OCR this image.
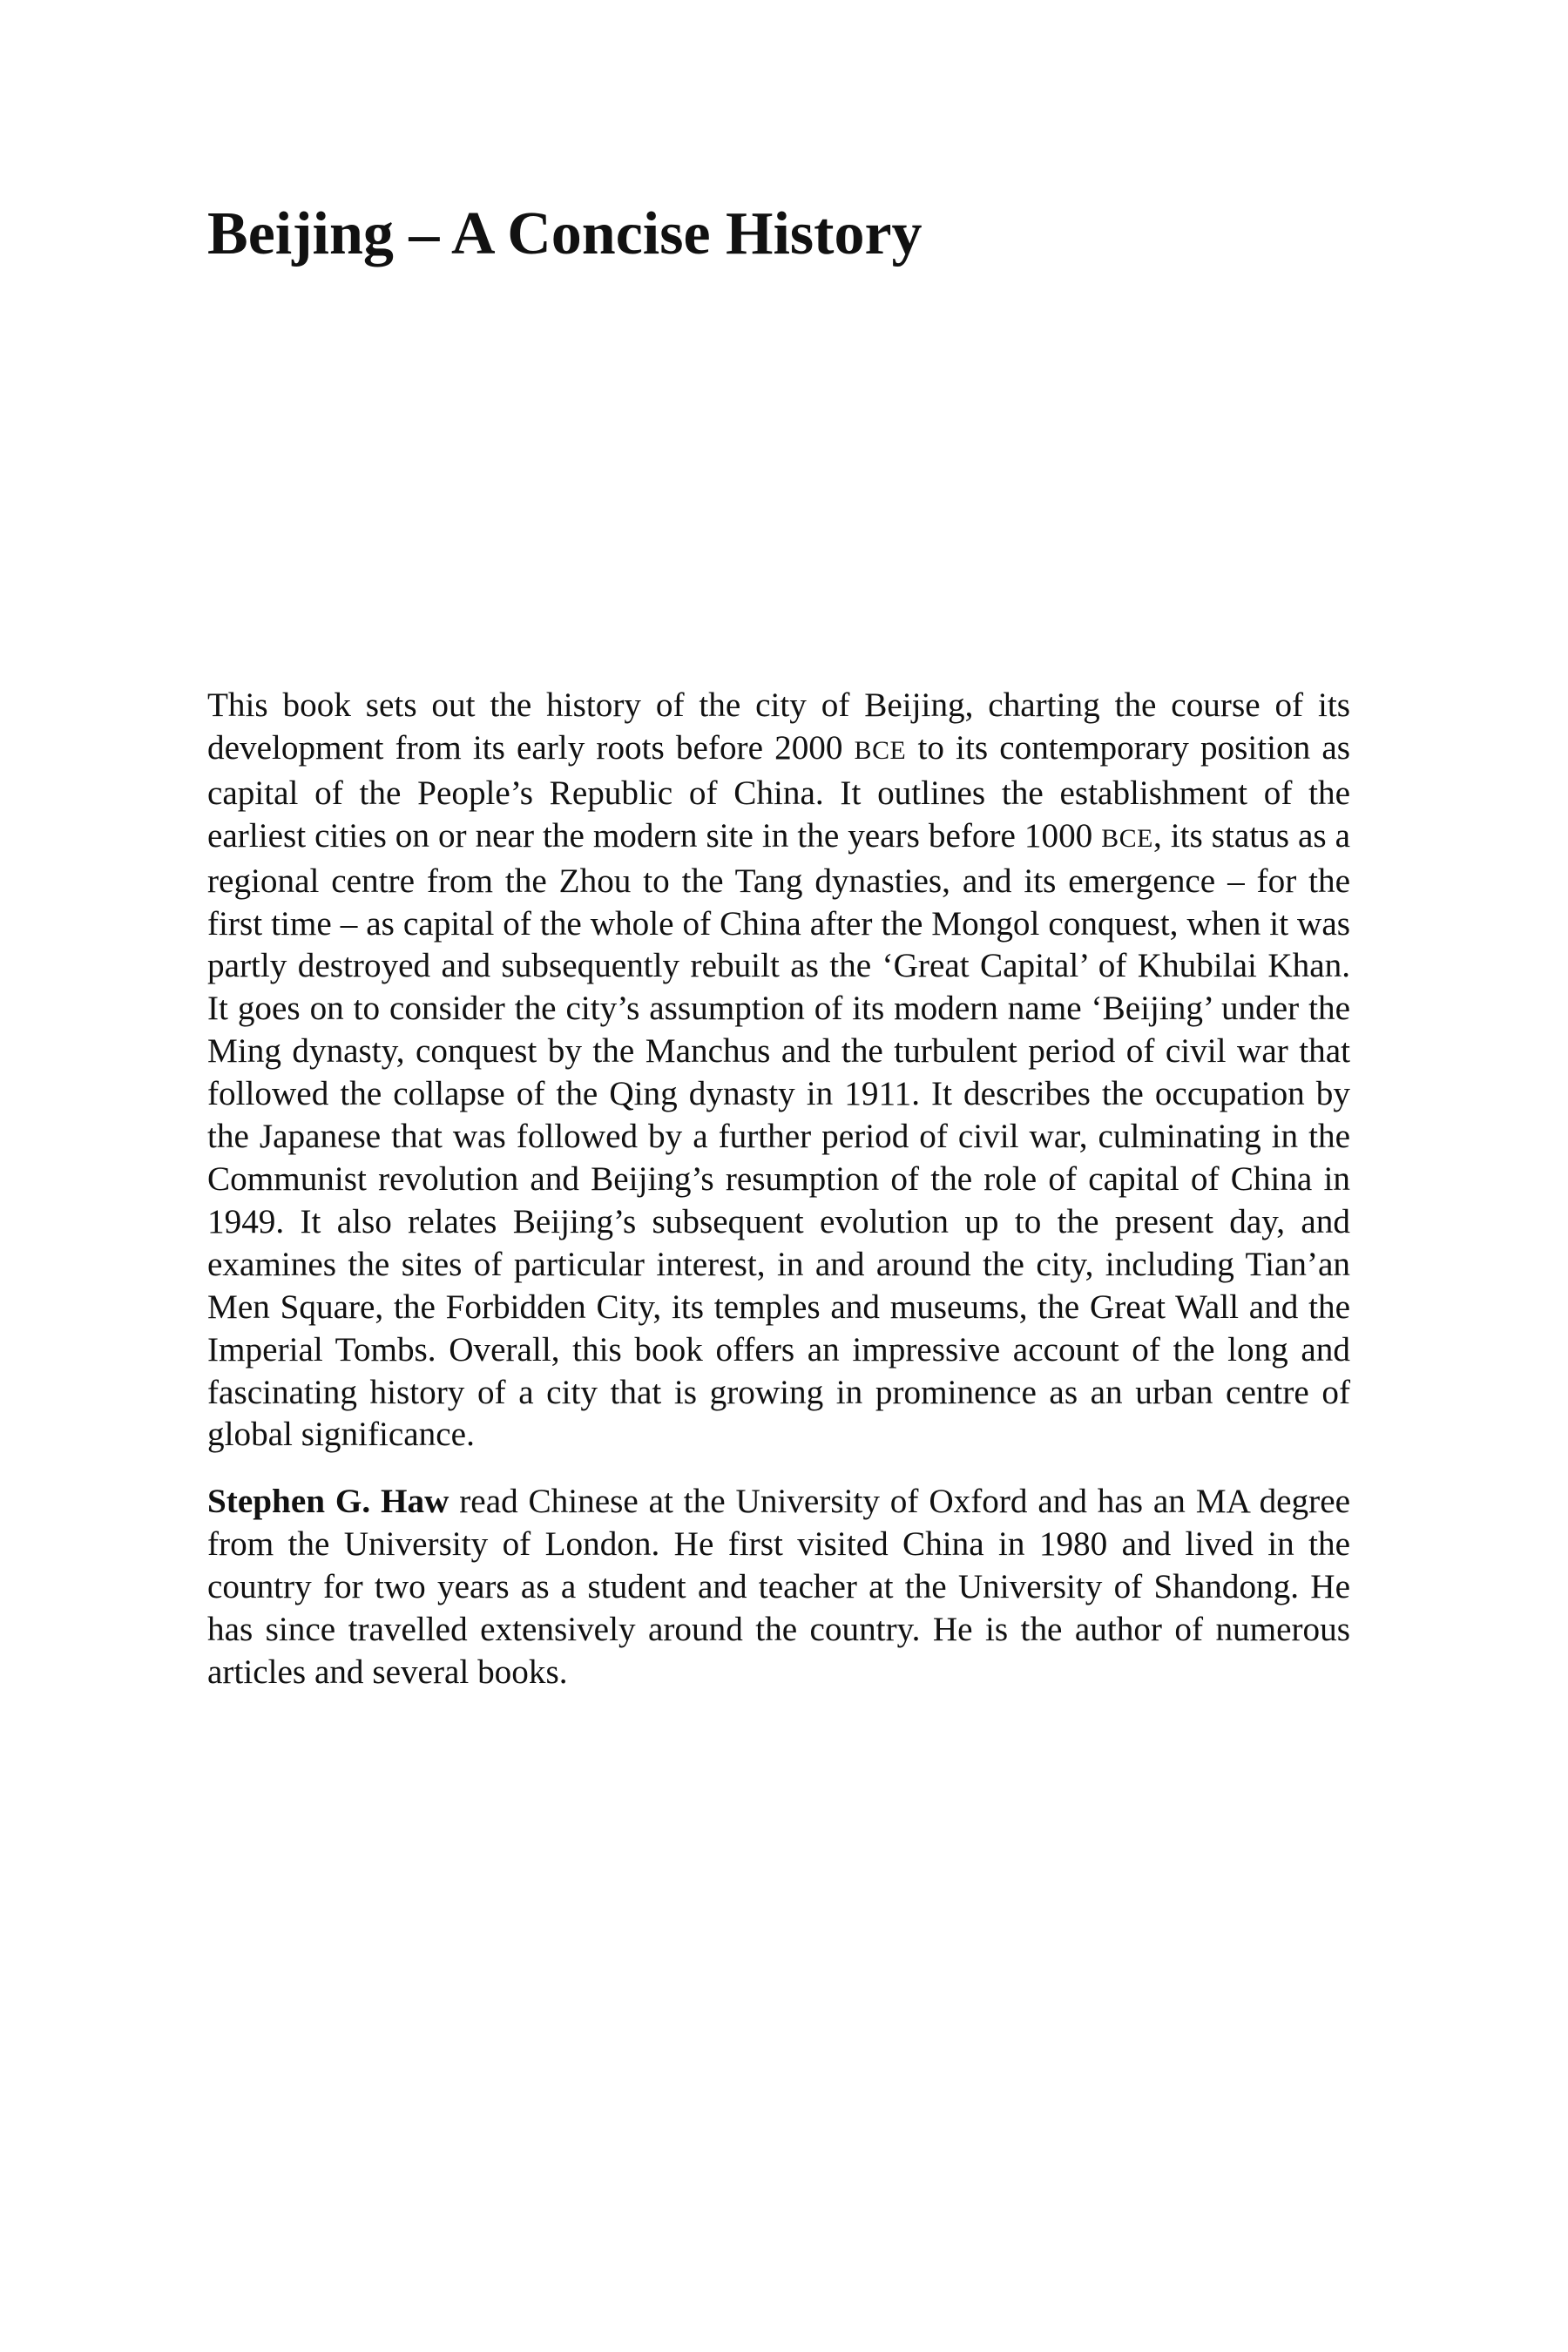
Beijing – A Concise History

This book sets out the history of the city of Beijing, charting the course of its development from its early roots before 2000 BCE to its contemporary position as capital of the People’s Republic of China. It outlines the establishment of the earliest cities on or near the modern site in the years before 1000 BCE, its status as a regional centre from the Zhou to the Tang dynasties, and its emergence – for the first time – as capital of the whole of China after the Mongol conquest, when it was partly destroyed and subsequently rebuilt as the ‘Great Capital’ of Khubilai Khan. It goes on to consider the city’s assumption of its modern name ‘Beijing’ under the Ming dynasty, conquest by the Manchus and the turbulent period of civil war that followed the collapse of the Qing dynasty in 1911. It describes the occupation by the Japanese that was followed by a further period of civil war, culminating in the Communist revolution and Beijing’s resumption of the role of capital of China in 1949. It also relates Beijing’s subsequent evolution up to the present day, and examines the sites of particular interest, in and around the city, including Tian’an Men Square, the Forbidden City, its temples and museums, the Great Wall and the Imperial Tombs. Overall, this book offers an impressive account of the long and fascinating history of a city that is growing in prominence as an urban centre of global significance.

Stephen G. Haw read Chinese at the University of Oxford and has an MA degree from the University of London. He first visited China in 1980 and lived in the country for two years as a student and teacher at the University of Shandong. He has since travelled extensively around the country. He is the author of numerous articles and several books.
